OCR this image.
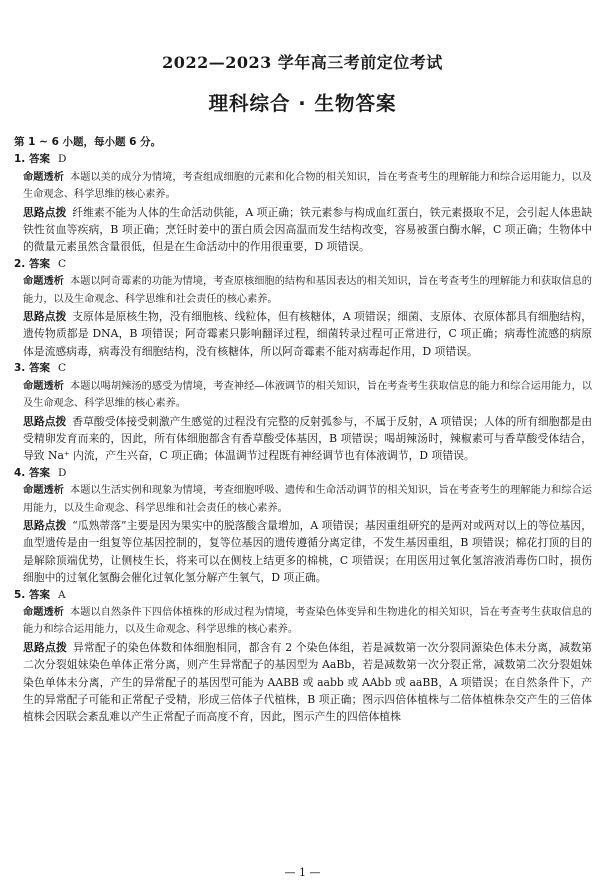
2022—2023 学年高三考前定位考试
理科综合 · 生物答案
第 1 ~ 6 小题，每小题 6 分。
1. 答案 D
命题透析 本题以美的成分为情境，考查组成细胞的元素和化合物的相关知识，旨在考查考生的理解能力和综合运用能力，以及生命观念、科学思维的核心素养。
思路点拨 纤维素不能为人体的生命活动供能，A 项正确；铁元素参与构成血红蛋白，铁元素摄取不足，会引起人体患缺铁性贫血等疾病，B 项正确；烹饪时姜中的蛋白质会因高温而发生结构改变，容易被蛋白酶水解，C 项正确；生物体中的微量元素虽然含量很低，但是在生命活动中的作用很重要，D 项错误。
2. 答案 C
命题透析 本题以阿奇霉素的功能为情境，考查原核细胞的结构和基因表达的相关知识，旨在考查考生的理解能力和获取信息的能力，以及生命观念、科学思维和社会责任的核心素养。
思路点拨 支原体是原核生物，没有细胞核、线粒体，但有核糖体，A 项错误；细菌、支原体、衣原体都具有细胞结构，遗传物质都是 DNA，B 项错误；阿奇霉素只影响翻译过程，细菌转录过程可正常进行，C 项正确；病毒性流感的病原体是流感病毒，病毒没有细胞结构，没有核糖体，所以阿奇霉素不能对病毒起作用，D 项错误。
3. 答案 C
命题透析 本题以喝胡辣汤的感受为情境，考查神经—体液调节的相关知识，旨在考查考生获取信息的能力和综合运用能力，以及生命观念、科学思维的核心素养。
思路点拨 香草酸受体接受刺激产生感觉的过程没有完整的反射弧参与，不属于反射，A 项错误；人体的所有细胞都是由受精卵发育而来的，因此，所有体细胞都含有香草酸受体基因，B 项错误；喝胡辣汤时，辣椒素可与香草酸受体结合，导致 Na⁺ 内流，产生兴奋，C 项正确；体温调节过程既有神经调节也有体液调节，D 项错误。
4. 答案 D
命题透析 本题以生活实例和现象为情境，考查细胞呼吸、遗传和生命活动调节的相关知识，旨在考查考生的理解能力和综合运用能力，以及生命观念、科学思维和社会责任的核心素养。
思路点拨 “瓜熟蒂落”主要是因为果实中的脱落酸含量增加，A 项错误；基因重组研究的是两对或两对以上的等位基因，血型遗传是由一组复等位基因控制的，复等位基因的遗传遵循分离定律，不发生基因重组，B 项错误；棉花打顶的目的是解除顶端优势，让侧枝生长，将来可以在侧枝上结更多的棉桃，C 项错误；在用医用过氧化氢溶液消毒伤口时，损伤细胞中的过氧化氢酶会催化过氧化氢分解产生氧气，D 项正确。
5. 答案 A
命题透析 本题以自然条件下四倍体植株的形成过程为情境，考查染色体变异和生物进化的相关知识，旨在考查考生获取信息的能力和综合运用能力，以及生命观念、科学思维的核心素养。
思路点拨 异常配子的染色体数和体细胞相同，都含有 2 个染色体组，若是减数第一次分裂同源染色体未分离，减数第二次分裂姐妹染色单体正常分离，则产生异常配子的基因型为 AaBb，若是减数第一次分裂正常，减数第二次分裂姐妹染色单体未分离，产生的异常配子的基因型可能为 AABB 或 aabb 或 AAbb 或 aaBB，A 项错误；在自然条件下，产生的异常配子可能和正常配子受精，形成三倍体子代植株，B 项正确；图示四倍体植株与二倍体植株杂交产生的三倍体植株会因联会紊乱难以产生正常配子而高度不育，因此，图示产生的四倍体植株
— 1 —
